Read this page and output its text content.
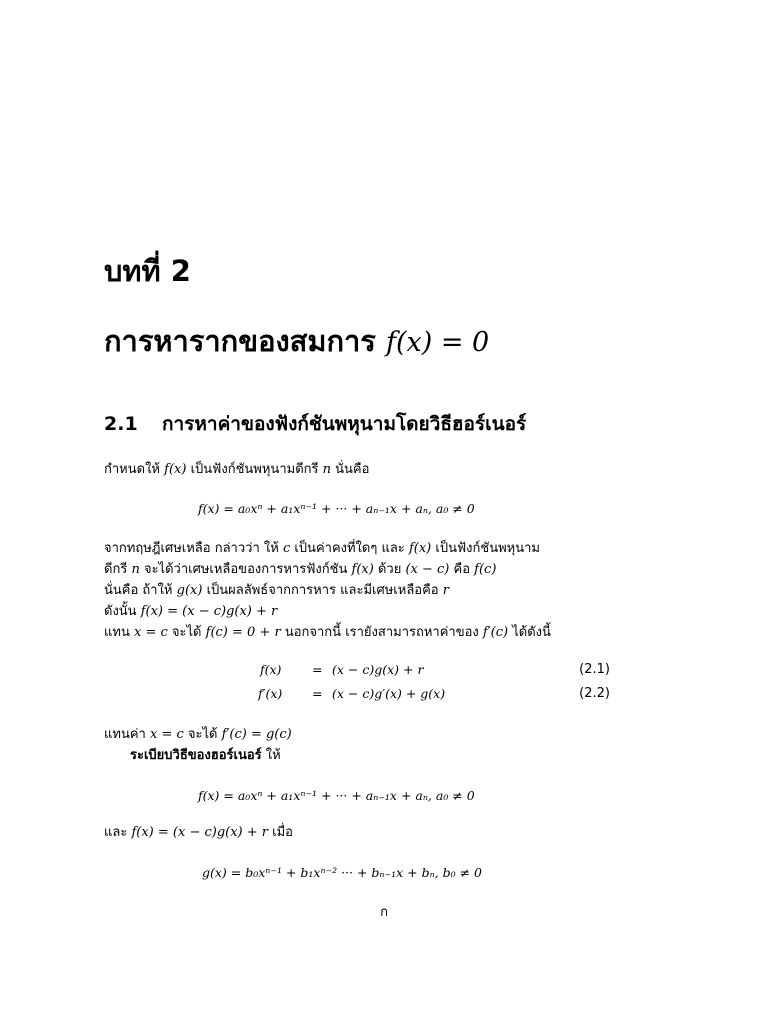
บทที่ 2
การหารากของสมการ f(x) = 0
2.1 การหาค่าของฟังก์ชันพหุนามโดยวิธีฮอร์เนอร์
กำหนดให้ f(x) เป็นฟังก์ชันพหุนามดีกรี n นั่นคือ
f(x) = a₀xⁿ + a₁xⁿ⁻¹ + ··· + aₙ₋₁x + aₙ, a₀ ≠ 0
จากทฤษฎีเศษเหลือ กล่าวว่า ให้ c เป็นค่าคงที่ใดๆ และ f(x) เป็นฟังก์ชันพหุนาม
ดีกรี n จะได้ว่าเศษเหลือของการหารฟังก์ชัน f(x) ด้วย (x − c) คือ f(c)
นั่นคือ ถ้าให้ g(x) เป็นผลลัพธ์จากการหาร และมีเศษเหลือคือ r
ดังนั้น f(x) = (x − c)g(x) + r
แทน x = c จะได้ f(c) = 0 + r นอกจากนี้ เรายังสามารถหาค่าของ f′(c) ได้ดังนี้
f(x) = (x − c)g(x) + r	(2.1)
f′(x) = (x − c)g′(x) + g(x)	(2.2)
แทนค่า x = c จะได้ f′(c) = g(c)
ระเบียบวิธีของฮอร์เนอร์ ให้
f(x) = a₀xⁿ + a₁xⁿ⁻¹ + ··· + aₙ₋₁x + aₙ, a₀ ≠ 0
และ f(x) = (x − c)g(x) + r เมื่อ
g(x) = b₀xⁿ⁻¹ + b₁xⁿ⁻² ··· + bₙ₋₁x + bₙ, b₀ ≠ 0
ก
